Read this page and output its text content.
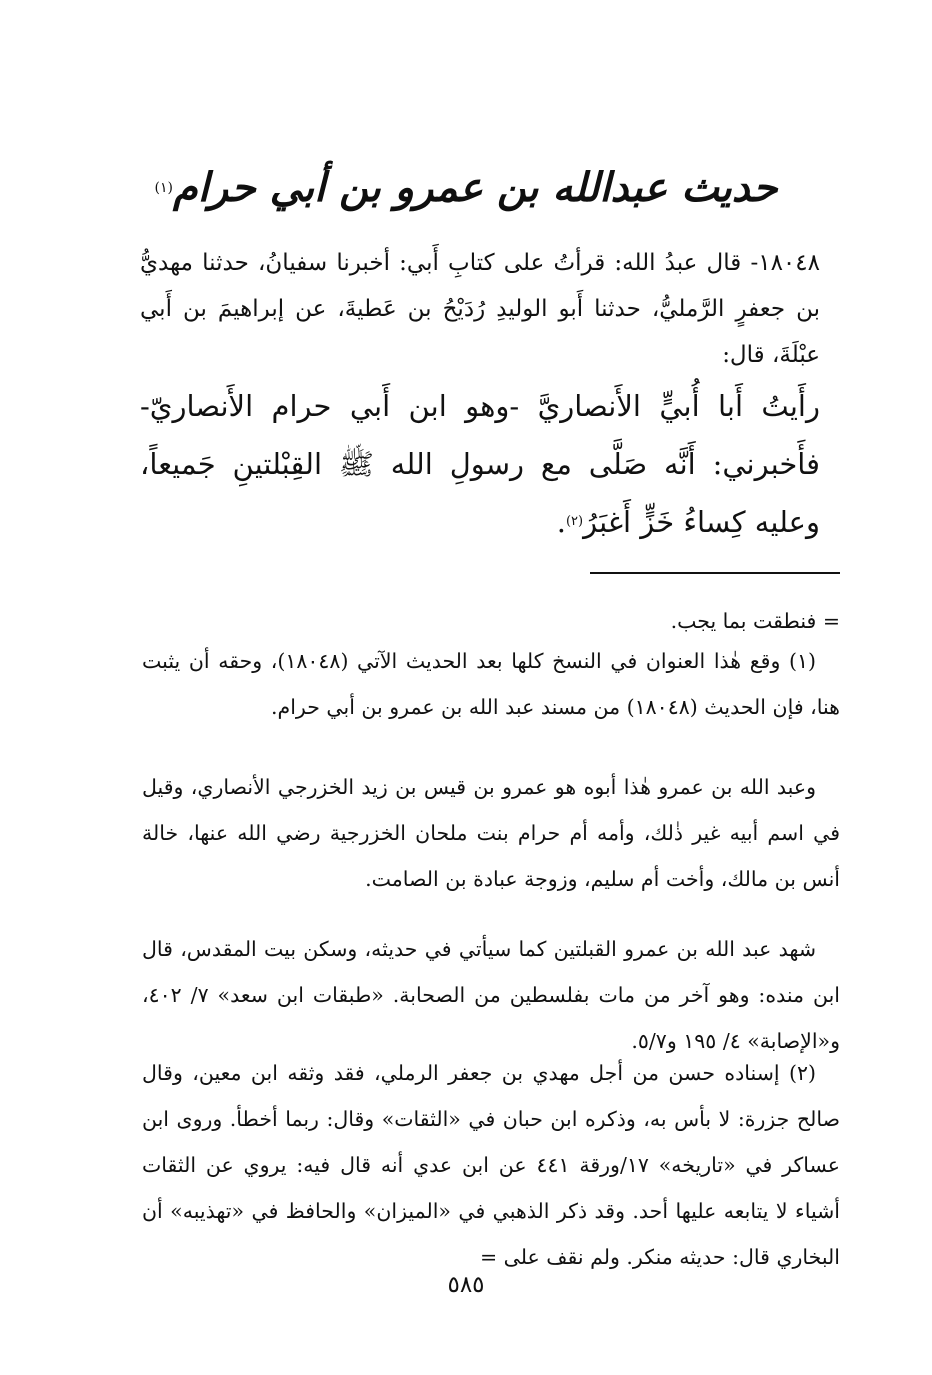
حديث عبدالله بن عمرو بن أبي حرام$^{(١)}$
١٨٠٤٨- قال عبدُ الله: قرأتُ على كتابِ أَبي: أخبرنا سفيانُ، حدثنا مهديُّ بن جعفرٍ الرَّمليُّ، حدثنا أَبو الوليدِ رُدَيْحُ بن عَطيةَ، عن إبراهيمَ بن أَبي عبْلَةَ، قال:
رأَيتُ أَبا أُبيٍّ الأَنصاريَّ -وهو ابن أَبي حرام الأَنصاريّ- فأَخبرني: أَنَّه صَلَّى مع رسولِ الله ﷺ القِبْلتينِ جَميعاً، وعليه كِساءُ خَزٍّ أَغبَرُ$^{(٢)}$.
= فنطقت بما يجب.
(١) وقع هٰذا العنوان في النسخ كلها بعد الحديث الآتي (١٨٠٤٨)، وحقه أن يثبت هنا، فإن الحديث (١٨٠٤٨) من مسند عبد الله بن عمرو بن أبي حرام.
وعبد الله بن عمرو هٰذا أبوه هو عمرو بن قيس بن زيد الخزرجي الأنصاري، وقيل في اسم أبيه غير ذٰلك، وأمه أم حرام بنت ملحان الخزرجية رضي الله عنها، خالة أنس بن مالك، وأخت أم سليم، وزوجة عبادة بن الصامت.
شهد عبد الله بن عمرو القبلتين كما سيأتي في حديثه، وسكن بيت المقدس، قال ابن منده: وهو آخر من مات بفلسطين من الصحابة. «طبقات ابن سعد» ٧/ ٤٠٢، و«الإصابة» ٤/ ١٩٥ و٥/٧.
(٢) إسناده حسن من أجل مهدي بن جعفر الرملي، فقد وثقه ابن معين، وقال صالح جزرة: لا بأس به، وذكره ابن حبان في «الثقات» وقال: ربما أخطأ. وروى ابن عساكر في «تاريخه» ١٧/ورقة ٤٤١ عن ابن عدي أنه قال فيه: يروي عن الثقات أشياء لا يتابعه عليها أحد. وقد ذكر الذهبي في «الميزان» والحافظ في «تهذيبه» أن البخاري قال: حديثه منكر. ولم نقف على =
٥٨٥
